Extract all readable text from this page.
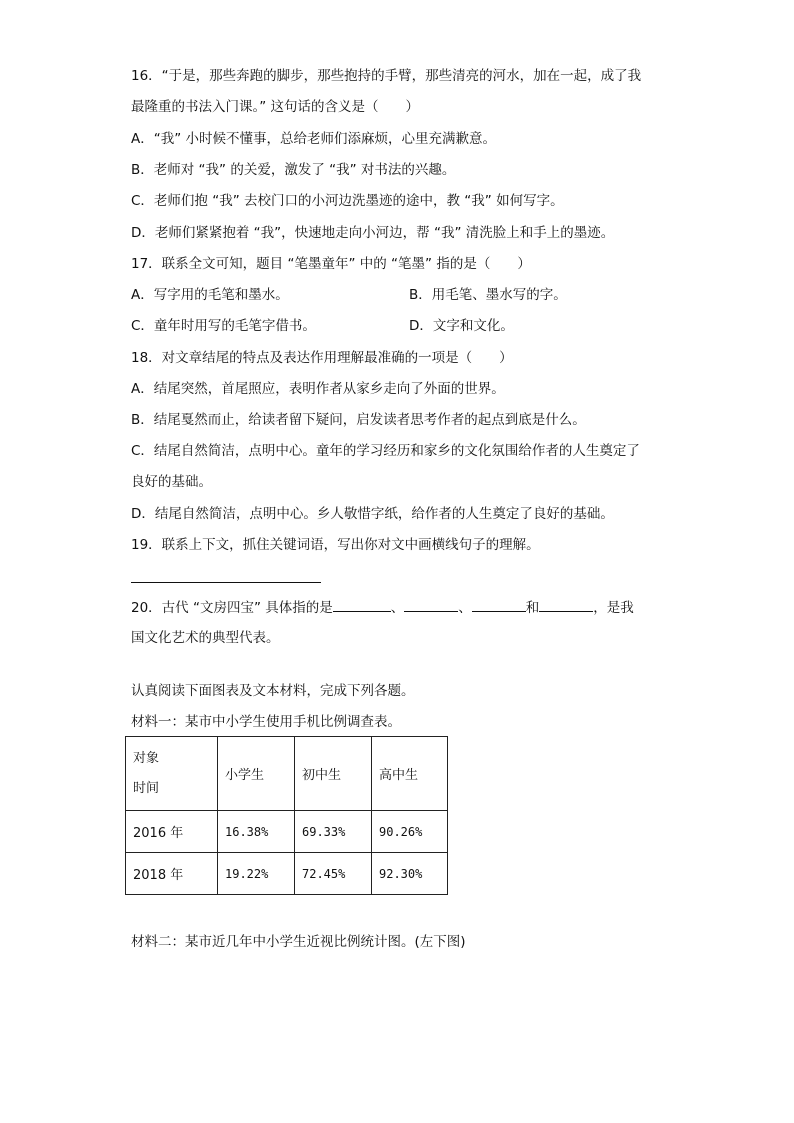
16．“于是，那些奔跑的脚步，那些抱持的手臂，那些清亮的河水，加在一起，成了我
最隆重的书法入门课。” 这句话的含义是（　　）
A．“我” 小时候不懂事，总给老师们添麻烦，心里充满歉意。
B．老师对 “我” 的关爱，激发了 “我” 对书法的兴趣。
C．老师们抱 “我” 去校门口的小河边洗墨迹的途中，教 “我” 如何写字。
D．老师们紧紧抱着 “我”，快速地走向小河边，帮 “我” 清洗脸上和手上的墨迹。
17．联系全文可知，题目 “笔墨童年” 中的 “笔墨” 指的是（　　）
A．写字用的毛笔和墨水。	B．用毛笔、墨水写的字。
C．童年时用写的毛笔字借书。	D．文字和文化。
18．对文章结尾的特点及表达作用理解最准确的一项是（　　）
A．结尾突然，首尾照应，表明作者从家乡走向了外面的世界。
B．结尾戛然而止，给读者留下疑问，启发读者思考作者的起点到底是什么。
C．结尾自然简洁，点明中心。童年的学习经历和家乡的文化氛围给作者的人生奠定了
良好的基础。
D．结尾自然简洁，点明中心。乡人敬惜字纸，给作者的人生奠定了良好的基础。
19．联系上下文，抓住关键词语，写出你对文中画横线句子的理解。
20．古代 “文房四宝” 具体指的是	、	、	和	，是我
国文化艺术的典型代表。
认真阅读下面图表及文本材料，完成下列各题。
材料一：某市中小学生使用手机比例调查表。
对象
时间	小学生	初中生	高中生
2016 年	16.38%	69.33%	90.26%
2018 年	19.22%	72.45%	92.30%
材料二：某市近几年中小学生近视比例统计图。(左下图)
